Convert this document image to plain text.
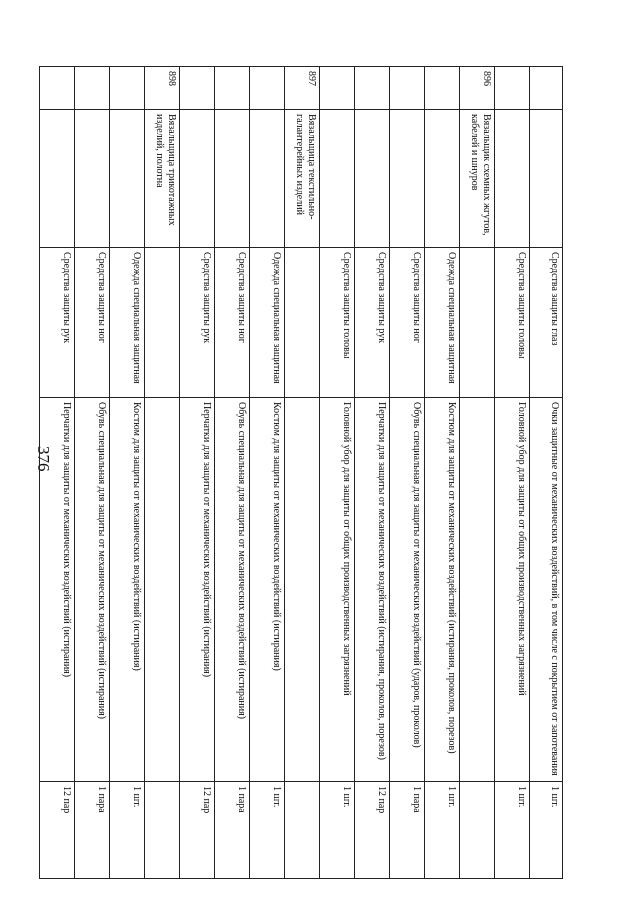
376
		Средства защиты глаз	Очки защитные от механических воздействий, в том числе с покрытием от запотевания	1 шт.
		Средства защиты головы	Головной убор для защиты от общих производственных загрязнений	1 шт.
896	Вязальщик схемных жгутов, кабелей и шнуров			
		Одежда специальная защитная	Костюм для защиты от механических воздействий (истирания, проколов, порезов)	1 шт.
		Средства защиты ног	Обувь специальная для защиты от механических воздействий (ударов, проколов)	1 пара
		Средства защиты рук	Перчатки для защиты от механических воздействий (истирания, проколов, порезов)	12 пар
		Средства защиты головы	Головной убор для защиты от общих производственных загрязнений	1 шт.
897	Вязальщица текстильно-галантерейных изделий			
		Одежда специальная защитная	Костюм для защиты от механических воздействий (истирания)	1 шт.
		Средства защиты ног	Обувь специальная для защиты от механических воздействий (истирания)	1 пара
		Средства защиты рук	Перчатки для защиты от механических воздействий (истирания)	12 пар
898	Вязальщица трикотажных изделий, полотна			
		Одежда специальная защитная	Костюм для защиты от механических воздействий (истирания)	1 шт.
		Средства защиты ног	Обувь специальная для защиты от механических воздействий (истирания)	1 пара
		Средства защиты рук	Перчатки для защиты от механических воздействий (истирания)	12 пар
